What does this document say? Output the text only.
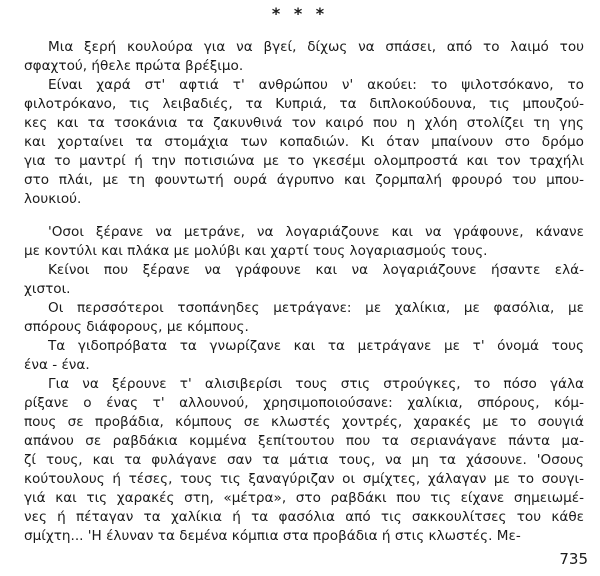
* * *

Μια ξερή κουλούρα για να βγεί, δίχως να σπάσει, από το λαιμό του
σφαχτού, ήθελε πρώτα βρέξιμο.

Είναι χαρά στ' αφτιά τ' ανθρώπου ν' ακούει: το ψιλοτσόκανο, το
φιλοτρόκανο, τις λειβαδιές, τα Κυπριά, τα διπλοκούδουνα, τις μπουζού-
κες και τα τσοκάνια τα ζακυνθινά τον καιρό που η χλόη στολίζει τη γης
και χορταίνει τα στομάχια των κοπαδιών. Κι όταν μπαίνουν στο δρόμο
για το μαντρί ή την ποτισιώνα με το γκεσέμι ολομπροστά και τον τραχήλι
στο πλάι, με τη φουντωτή ουρά άγρυπνο και ζορμπαλή φρουρό του μπου-
λουκιού.

'Οσοι ξέρανε να μετράνε, να λογαριάζουνε και να γράφουνε, κάνανε
με κοντύλι και πλάκα με μολύβι και χαρτί τους λογαριασμούς τους.

Κείνοι που ξέρανε να γράφουνε και να λογαριάζουνε ήσαντε ελά-
χιστοι.

Οι περσσότεροι τσοπάνηδες μετράγανε: με χαλίκια, με φασόλια, με
σπόρους διάφορους, με κόμπους.

Τα γιδοπρόβατα τα γνωρίζανε και τα μετράγανε με τ' όνομά τους
ένα - ένα.

Για να ξέρουνε τ' αλισιβερίσι τους στις στρούγκες, το πόσο γάλα
ρίξανε ο ένας τ' αλλουνού, χρησιμοποιούσανε: χαλίκια, σπόρους, κόμ-
πους σε προβάδια, κόμπους σε κλωστές χοντρές, χαρακές με το σουγιά
απάνου σε ραβδάκια κομμένα ξεπίτουτου που τα σεριανάγανε πάντα μα-
ζί τους, και τα φυλάγανε σαν τα μάτια τους, να μη τα χάσουνε. 'Οσους
κούτουλους ή τέσες, τους τις ξαναγύριζαν οι σμίχτες, χάλαγαν με το σουγι-
γιά και τις χαρακές στη, «μέτρα», στο ραβδάκι που τις είχανε σημειωμέ-
νες ή πέταγαν τα χαλίκια ή τα φασόλια από τις σακκουλίτσες του κάθε
σμίχτη... 'Η έλυναν τα δεμένα κόμπια στα προβάδια ή στις κλωστές. Με-

735
